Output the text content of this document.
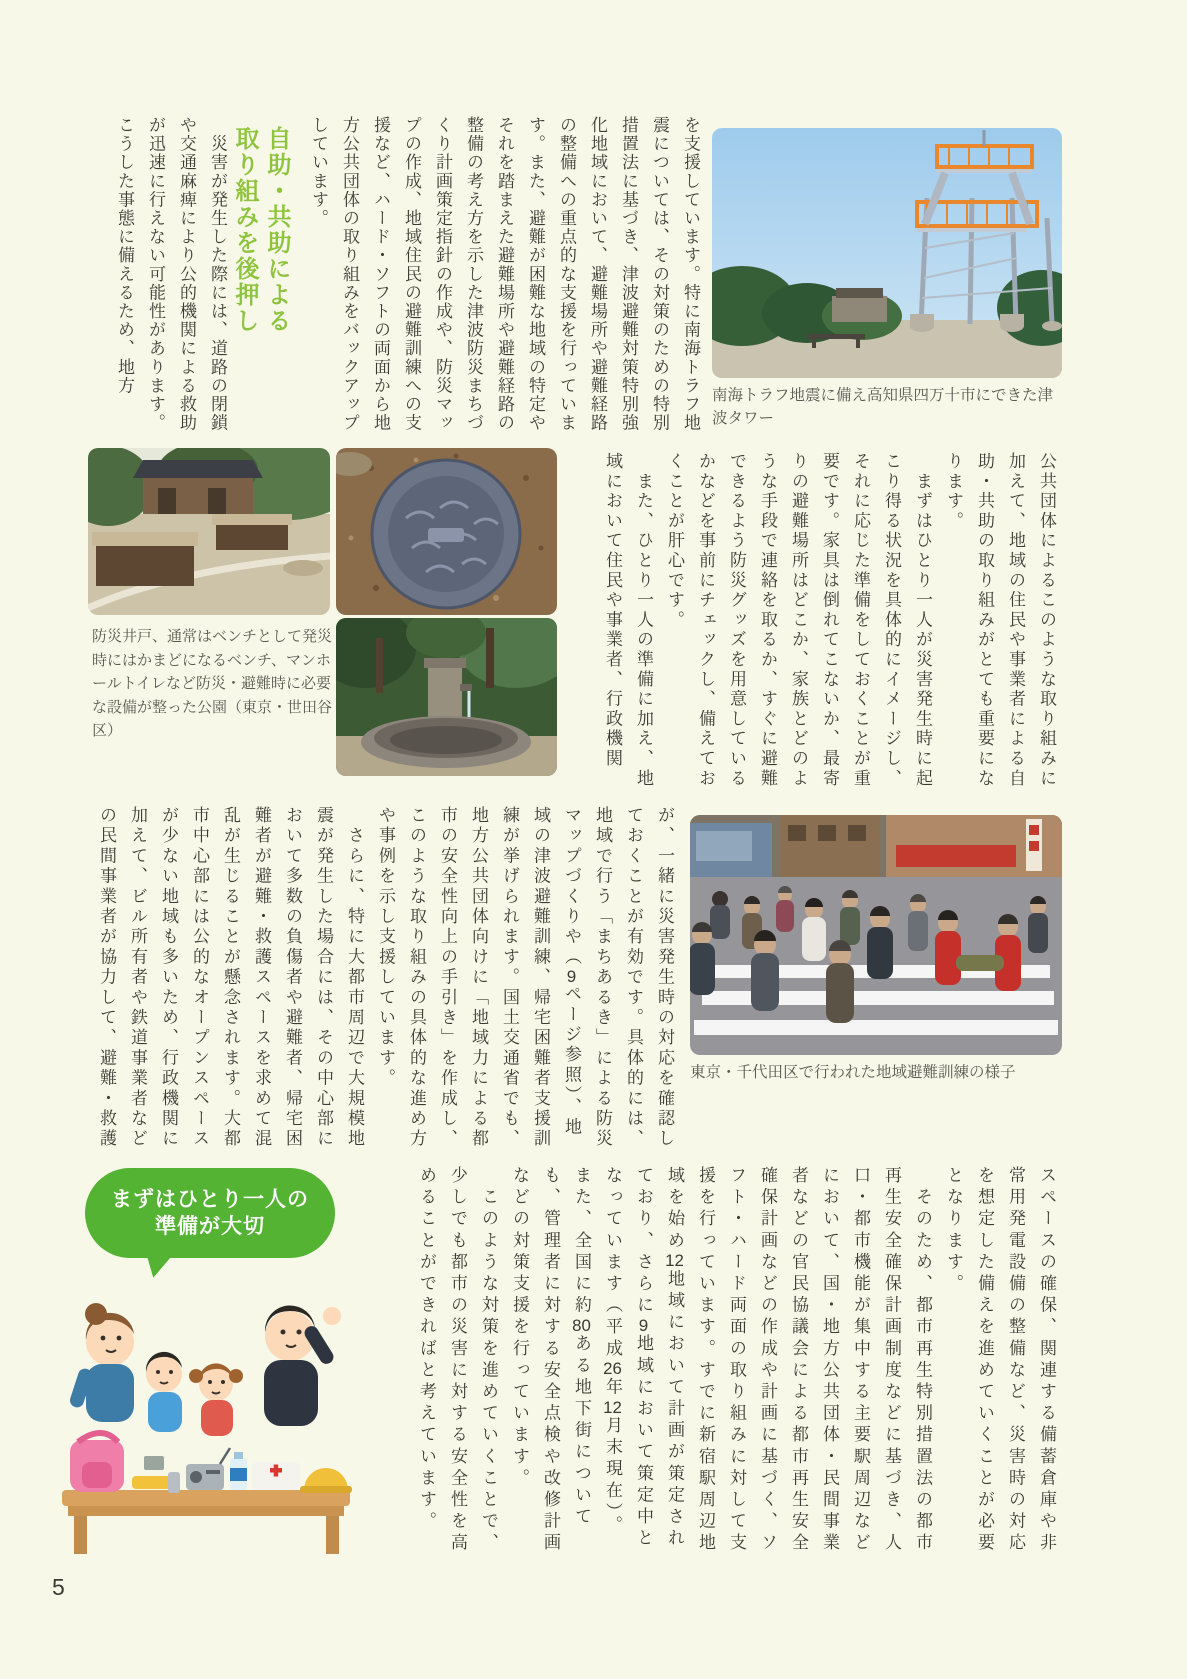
を支援しています。特に南海トラフ地震については、その対策のための特別措置法に基づき、津波避難対策特別強化地域において、避難場所や避難経路の整備への重点的な支援を行っています。また、避難が困難な地域の特定やそれを踏まえた避難場所や避難経路の整備の考え方を示した津波防災まちづくり計画策定指針の作成や、防災マップの作成、地域住民の避難訓練への支援など、ハード・ソフトの両面から地方公共団体の取り組みをバックアップしています。
自助・共助による
取り組みを後押し
　災害が発生した際には、道路の閉鎖や交通麻痺により公的機関による救助が迅速に行えない可能性があります。こうした事態に備えるため、地方
南海トラフ地震に備え高知県四万十市にできた津波タワー
公共団体によるこのような取り組みに加えて、地域の住民や事業者による自助・共助の取り組みがとても重要になります。
　まずはひとり一人が災害発生時に起こり得る状況を具体的にイメージし、それに応じた準備をしておくことが重要です。家具は倒れてこないか、最寄りの避難場所はどこか、家族とどのような手段で連絡を取るか、すぐに避難できるよう防災グッズを用意しているかなどを事前にチェックし、備えておくことが肝心です。
　また、ひとり一人の準備に加え、地域において住民や事業者、行政機関
防災井戸、通常はベンチとして発災時にはかまどになるベンチ、マンホールトイレなど防災・避難時に必要な設備が整った公園（東京・世田谷区）
が、一緒に災害発生時の対応を確認しておくことが有効です。具体的には、地域で行う「まちあるき」による防災マップづくりや（9ページ参照）、地域の津波避難訓練、帰宅困難者支援訓練が挙げられます。国土交通省でも、地方公共団体向けに「地域力による都市の安全性向上の手引き」を作成し、このような取り組みの具体的な進め方や事例を示し支援しています。
　さらに、特に大都市周辺で大規模地震が発生した場合には、その中心部において多数の負傷者や避難者、帰宅困難者が避難・救護スペースを求めて混乱が生じることが懸念されます。大都市中心部には公的なオープンスペースが少ない地域も多いため、行政機関に加えて、ビル所有者や鉄道事業者などの民間事業者が協力して、避難・救護	東京・千代田区で行われた地域避難訓練の様子
スペースの確保、関連する備蓄倉庫や非常用発電設備の整備など、災害時の対応を想定した備えを進めていくことが必要となります。
　そのため、都市再生特別措置法の都市再生安全確保計画制度などに基づき、人口・都市機能が集中する主要駅周辺などにおいて、国・地方公共団体・民間事業者などの官民協議会による都市再生安全確保計画などの作成や計画に基づく、ソフト・ハード両面の取り組みに対して支援を行っています。すでに新宿駅周辺地域を始め12地域において計画が策定されており、さらに9地域において策定中となっています（平成26年12月末現在）。また、全国に約80ある地下街についても、管理者に対する安全点検や改修計画などの対策支援を行っています。
　このような対策を進めていくことで、少しでも都市の災害に対する安全性を高めることができればと考えています。
まずはひとり一人の
準備が大切
5
